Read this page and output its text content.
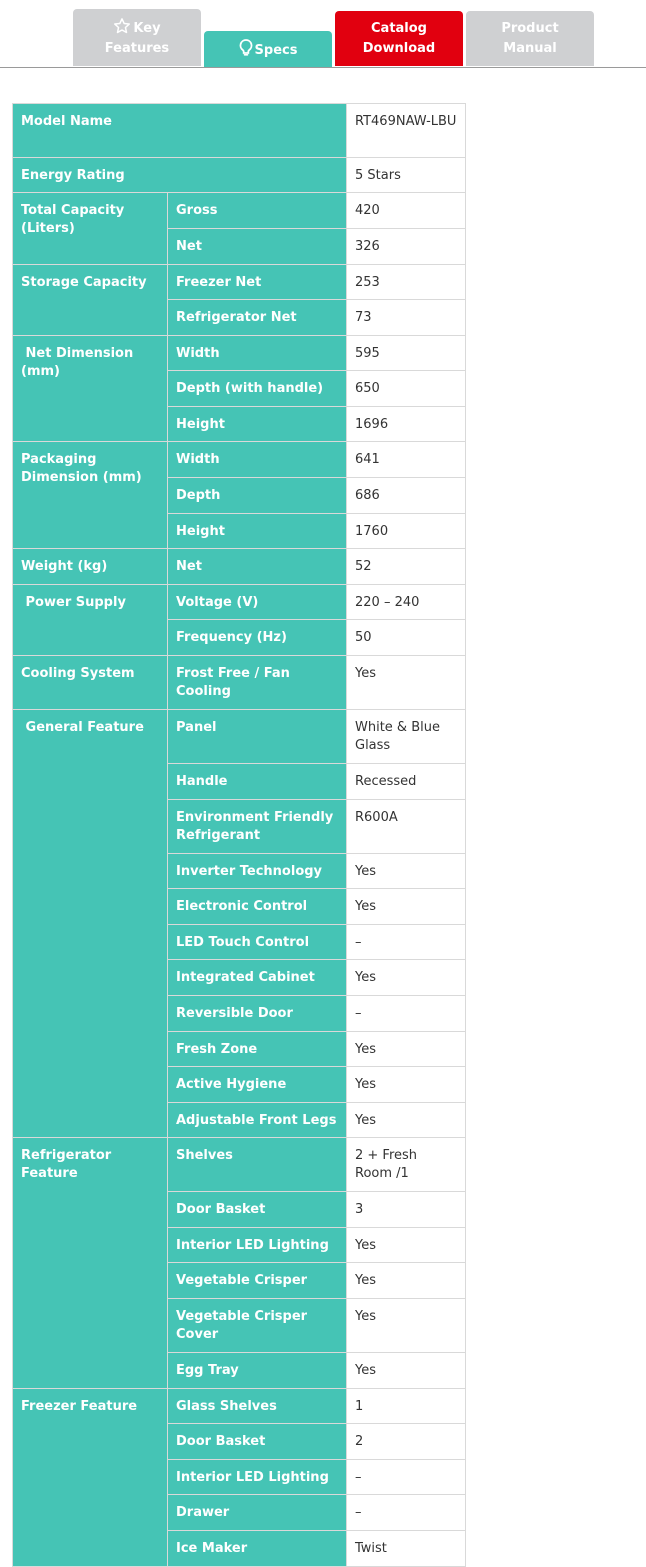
Key
Features	Specs
Catalog
Download
Product
Manual
Model Name		RT469NAW-LBU
Energy Rating		5 Stars
Total Capacity (Liters)	Gross	420
	Net	326
Storage Capacity	Freezer Net	253
	Refrigerator Net	73
Net Dimension (mm)	Width	595
	Depth (with handle)	650
	Height	1696
Packaging Dimension (mm)	Width	641
	Depth	686
	Height	1760
Weight (kg)	Net	52
Power Supply	Voltage (V)	220 – 240
	Frequency (Hz)	50
Cooling System	Frost Free / Fan Cooling	Yes
General Feature	Panel	White & Blue Glass
	Handle	Recessed
	Environment Friendly Refrigerant	R600A
	Inverter Technology	Yes
	Electronic Control	Yes
	LED Touch Control	–
	Integrated Cabinet	Yes
	Reversible Door	–
	Fresh Zone	Yes
	Active Hygiene	Yes
	Adjustable Front Legs	Yes
Refrigerator Feature	Shelves	2 + Fresh Room /1
	Door Basket	3
	Interior LED Lighting	Yes
	Vegetable Crisper	Yes
	Vegetable Crisper Cover	Yes
	Egg Tray	Yes
Freezer Feature	Glass Shelves	1
	Door Basket	2
	Interior LED Lighting	–
	Drawer	–
	Ice Maker	Twist
